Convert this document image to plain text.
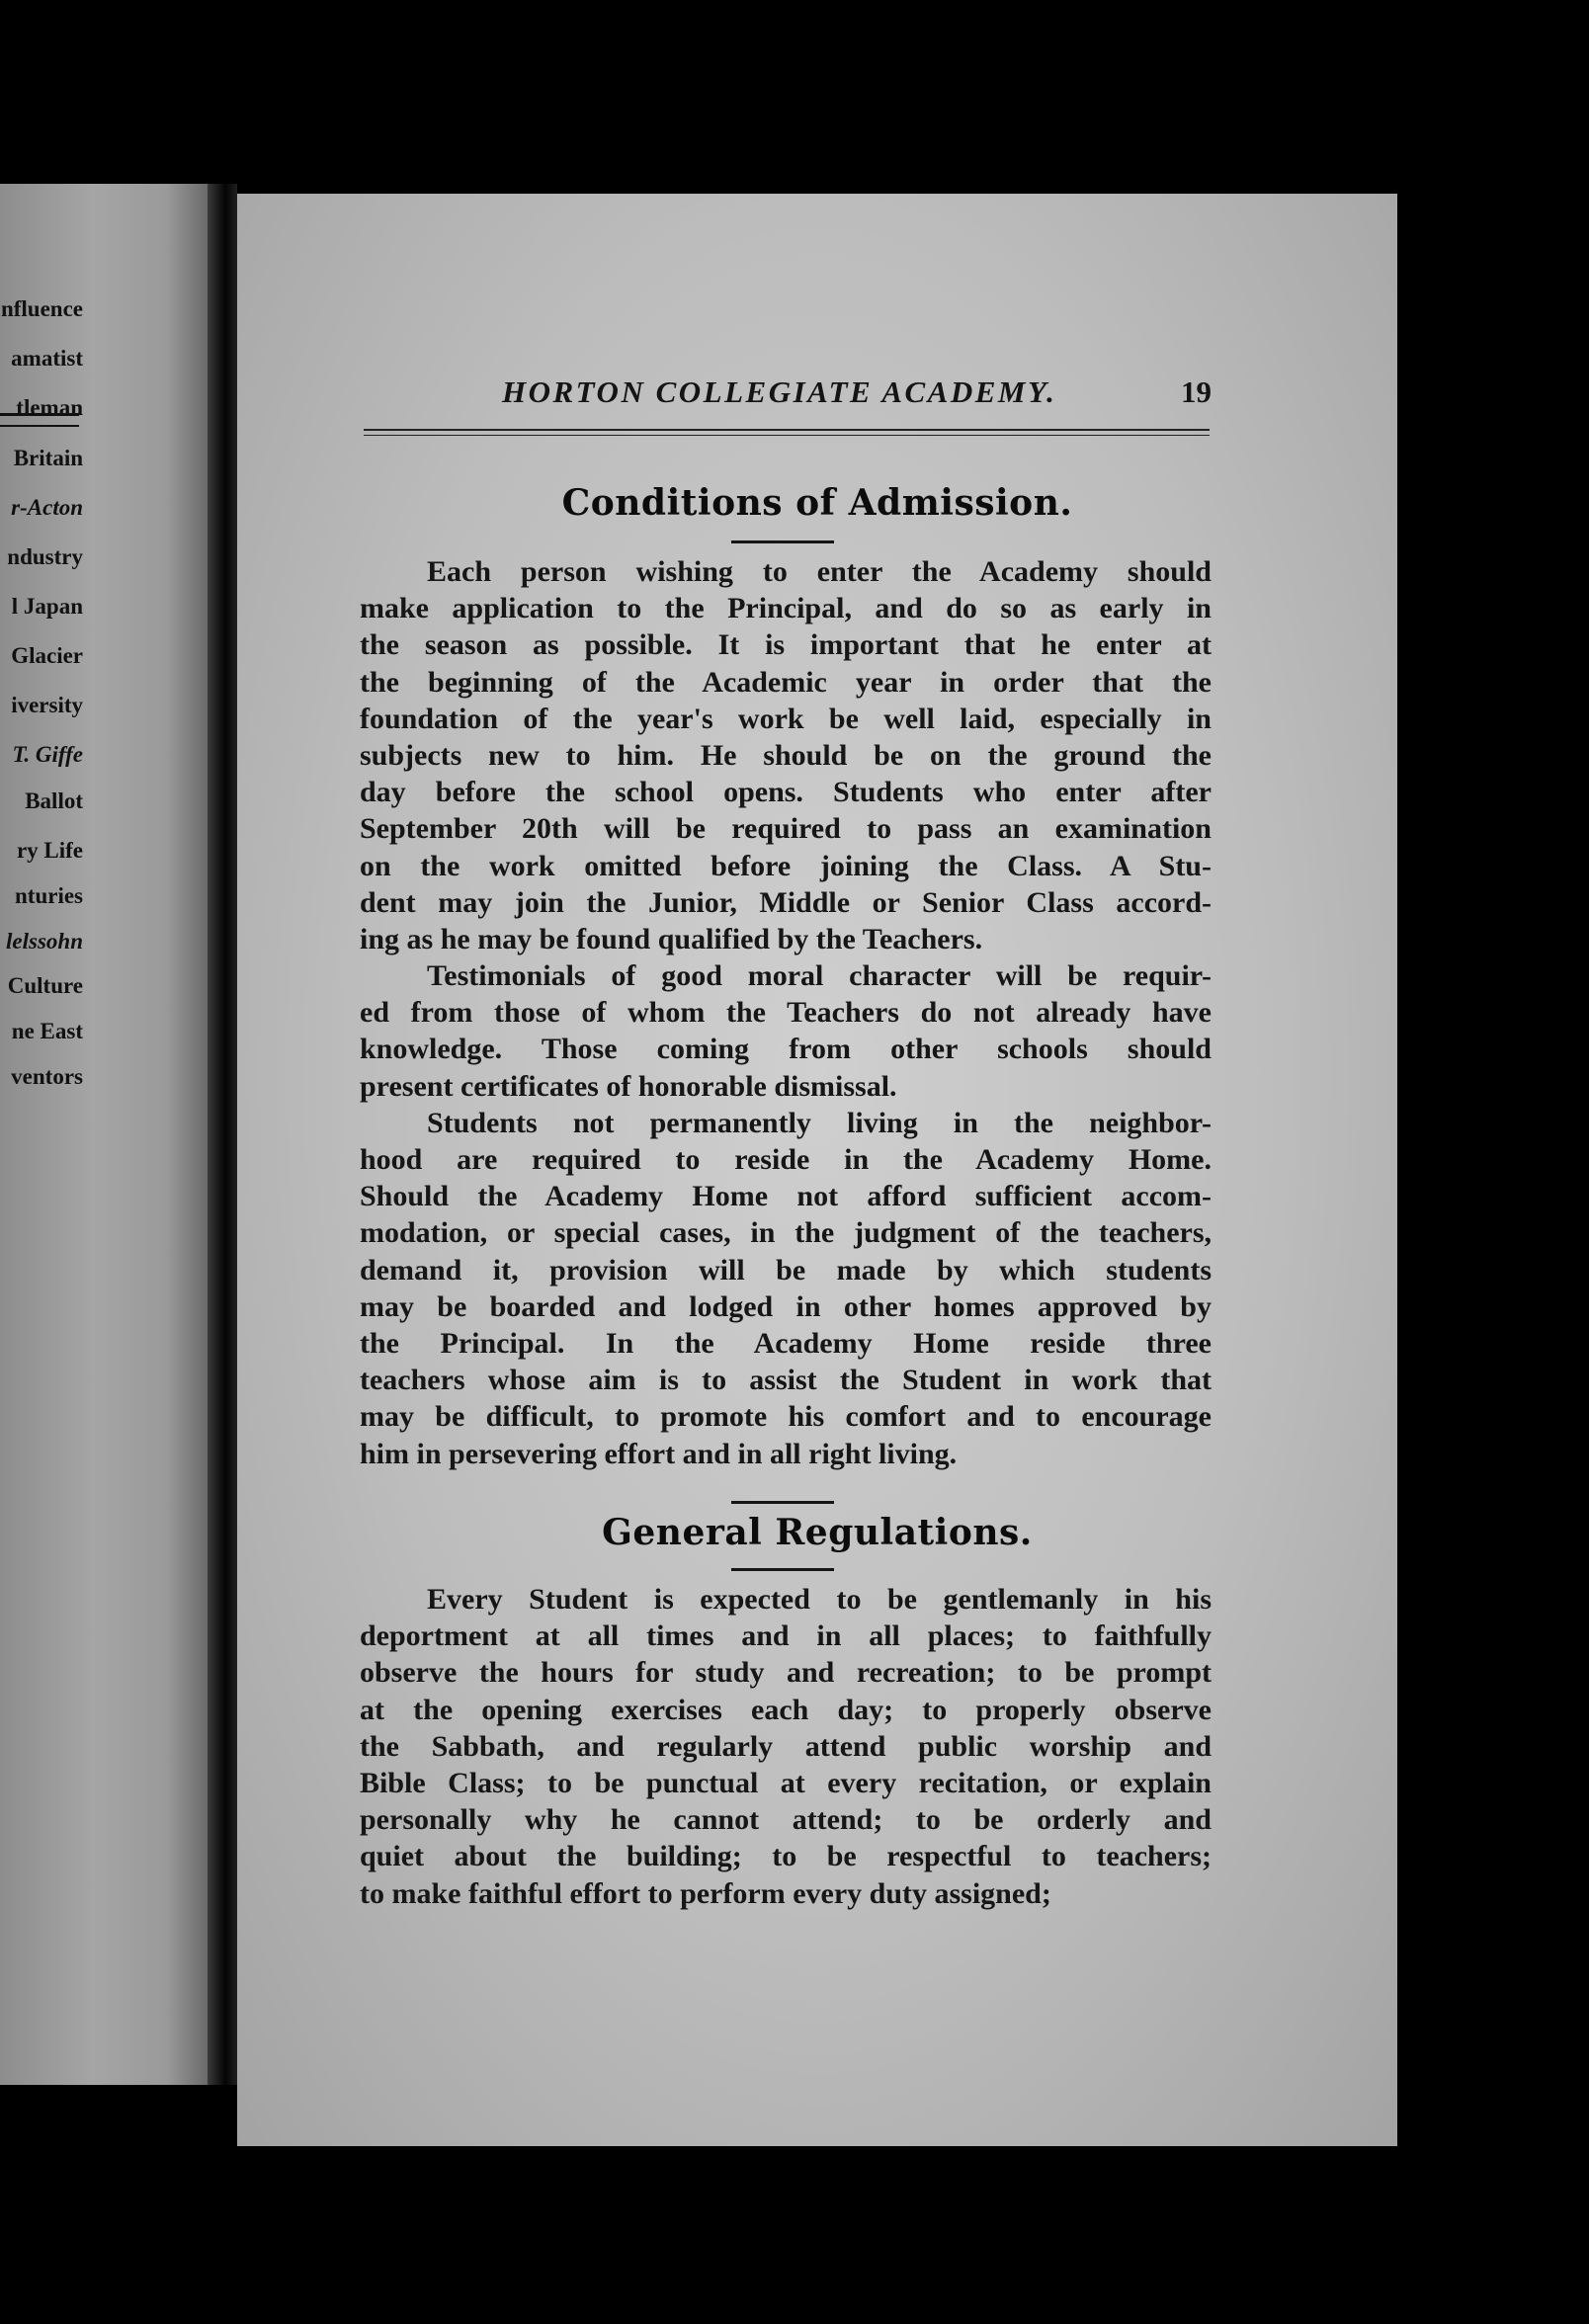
nfluence
amatist
tleman
Britain
r-Acton
ndustry
l Japan
Glacier
iversity
T. Giffe
Ballot
ry Life
nturies
lelssohn
Culture
ne East
ventors
HORTON COLLEGIATE ACADEMY.	19
Conditions of Admission.
Each person wishing to enter the Academy should
make application to the Principal, and do so as early in
the season as possible. It is important that he enter at
the beginning of the Academic year in order that the
foundation of the year's work be well laid, especially in
subjects new to him. He should be on the ground the
day before the school opens. Students who enter after
September 20th will be required to pass an examination
on the work omitted before joining the Class. A Stu-
dent may join the Junior, Middle or Senior Class accord-
ing as he may be found qualified by the Teachers.
Testimonials of good moral character will be requir-
ed from those of whom the Teachers do not already have
knowledge. Those coming from other schools should
present certificates of honorable dismissal.
Students not permanently living in the neighbor-
hood are required to reside in the Academy Home.
Should the Academy Home not afford sufficient accom-
modation, or special cases, in the judgment of the teachers,
demand it, provision will be made by which students
may be boarded and lodged in other homes approved by
the Principal. In the Academy Home reside three
teachers whose aim is to assist the Student in work that
may be difficult, to promote his comfort and to encourage
him in persevering effort and in all right living.
General Regulations.
Every Student is expected to be gentlemanly in his
deportment at all times and in all places; to faithfully
observe the hours for study and recreation; to be prompt
at the opening exercises each day; to properly observe
the Sabbath, and regularly attend public worship and
Bible Class; to be punctual at every recitation, or explain
personally why he cannot attend; to be orderly and
quiet about the building; to be respectful to teachers;
to make faithful effort to perform every duty assigned;
